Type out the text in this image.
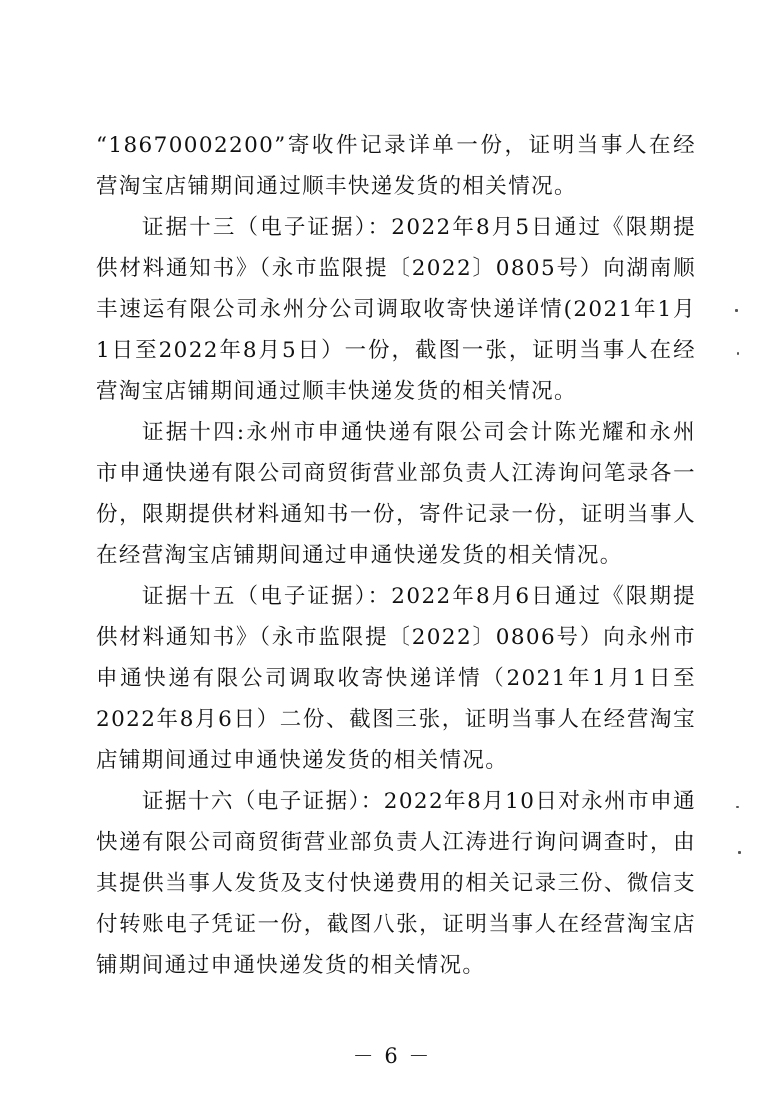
“18670002200”寄收件记录详单一份，证明当事人在经营淘宝店铺期间通过顺丰快递发货的相关情况。

证据十三（电子证据）：2022年8月5日通过《限期提供材料通知书》（永市监限提〔2022〕0805号）向湖南顺丰速运有限公司永州分公司调取收寄快递详情(2021年1月1日至2022年8月5日）一份，截图一张，证明当事人在经营淘宝店铺期间通过顺丰快递发货的相关情况。

证据十四:永州市申通快递有限公司会计陈光耀和永州市申通快递有限公司商贸街营业部负责人江涛询问笔录各一份，限期提供材料通知书一份，寄件记录一份，证明当事人在经营淘宝店铺期间通过申通快递发货的相关情况。

证据十五（电子证据）：2022年8月6日通过《限期提供材料通知书》（永市监限提〔2022〕0806号）向永州市申通快递有限公司调取收寄快递详情（2021年1月1日至2022年8月6日）二份、截图三张，证明当事人在经营淘宝店铺期间通过申通快递发货的相关情况。

证据十六（电子证据）：2022年8月10日对永州市申通快递有限公司商贸街营业部负责人江涛进行询问调查时，由其提供当事人发货及支付快递费用的相关记录三份、微信支付转账电子凭证一份，截图八张，证明当事人在经营淘宝店铺期间通过申通快递发货的相关情况。

－ 6 －
